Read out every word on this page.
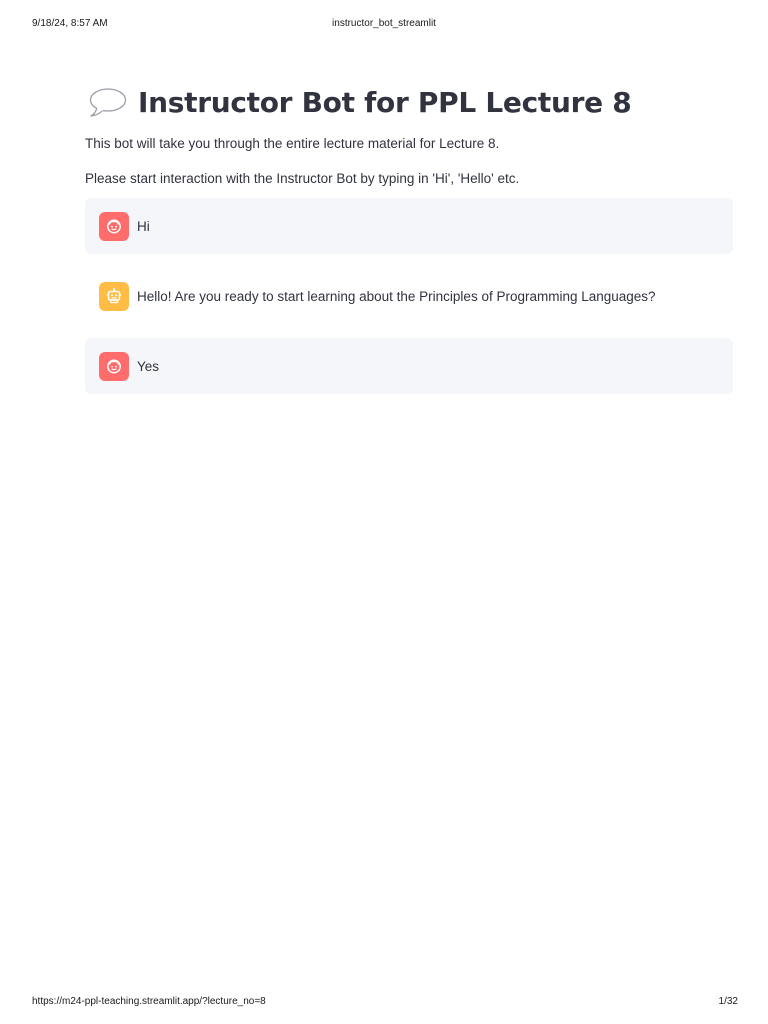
9/18/24, 8:57 AM	instructor_bot_streamlit
Instructor Bot for PPL Lecture 8

This bot will take you through the entire lecture material for Lecture 8.

Please start interaction with the Instructor Bot by typing in 'Hi', 'Hello' etc.

Hi
Hello! Are you ready to start learning about the Principles of Programming Languages?
Yes
https://m24-ppl-teaching.streamlit.app/?lecture_no=8	1/32
